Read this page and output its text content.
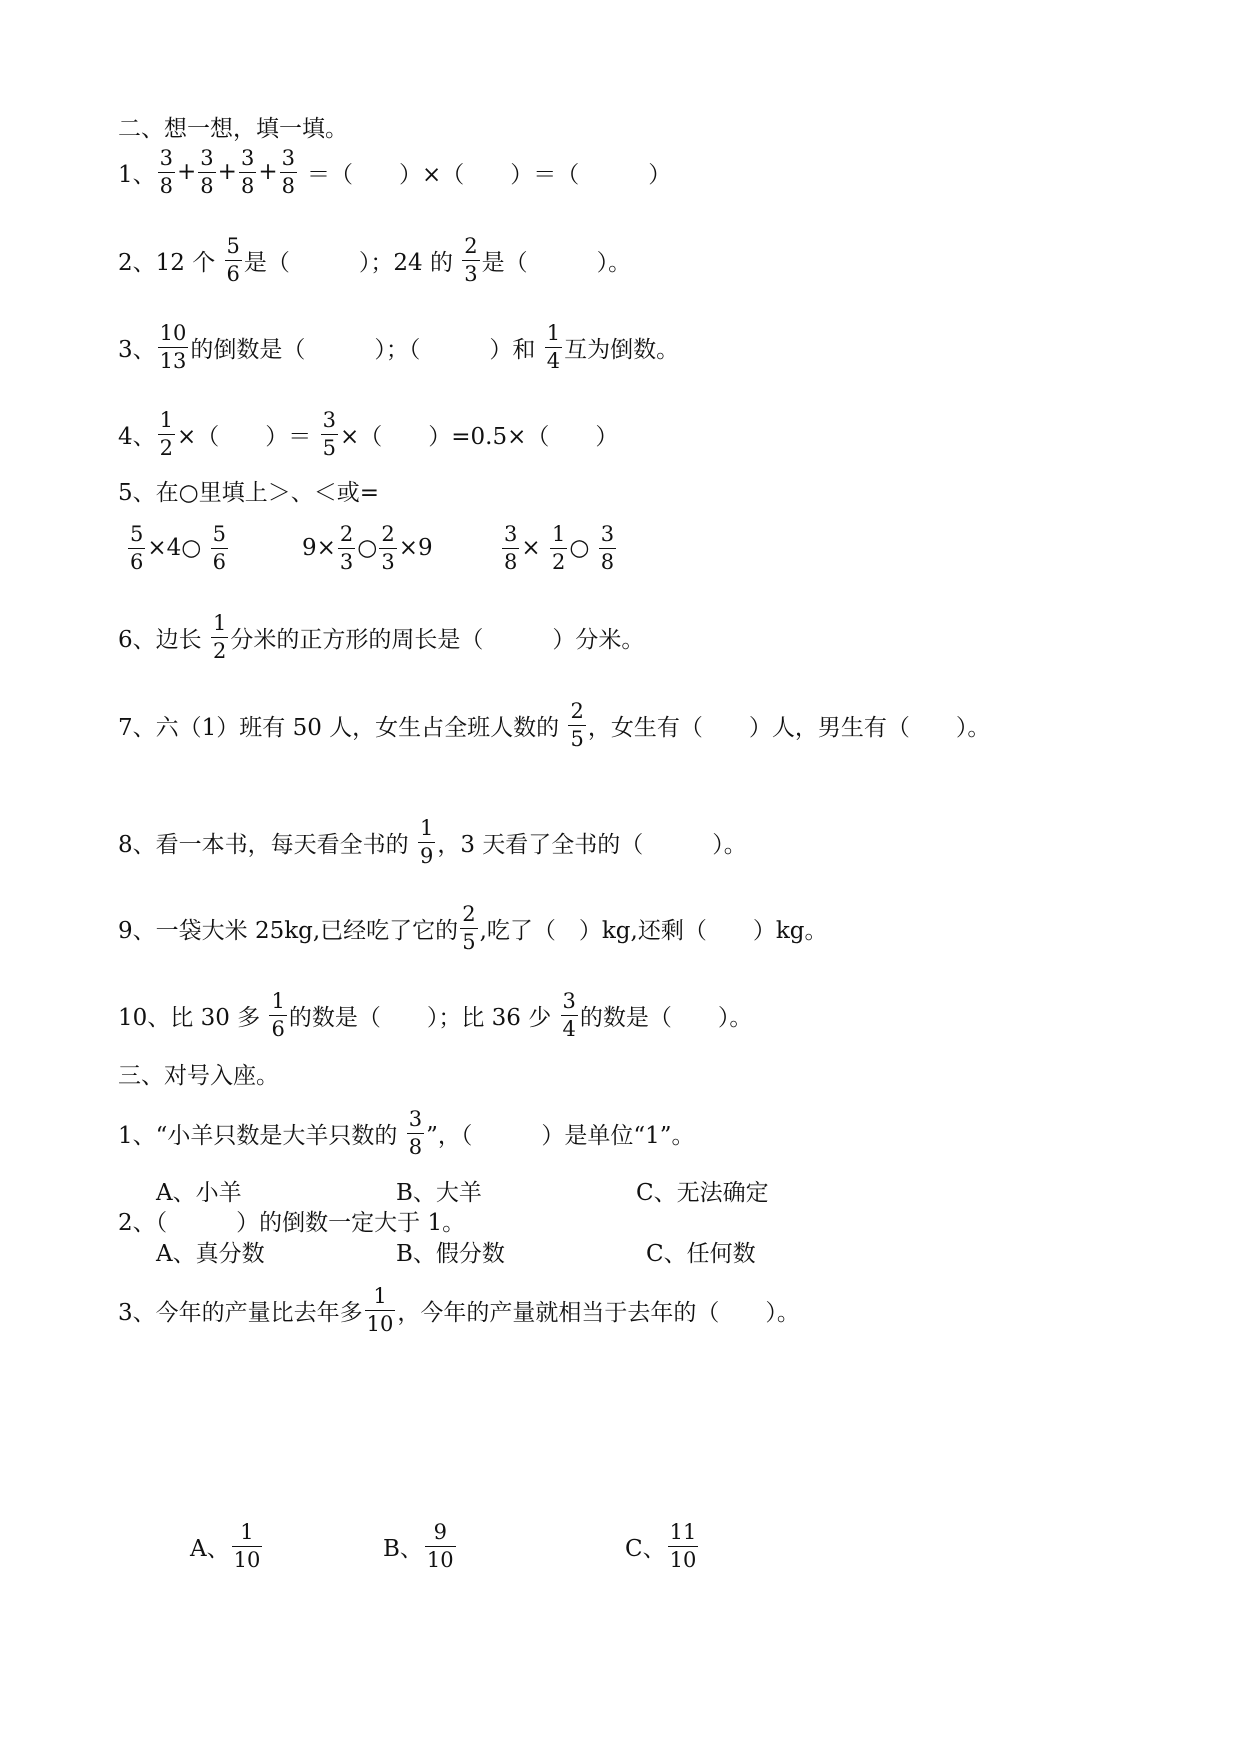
二、想一想，填一填。
1、 $\frac{3}{8} + \frac{3}{8} + \frac{3}{8} + \frac{3}{8}$ ＝（　　）×（　　）＝（　　　）
2、12 个 $\frac{5}{6}$ 是（　　　）；24 的 $\frac{2}{3}$ 是（　　　）。
3、 $\frac{10}{13}$ 的倒数是（　　　）；（　　　）和 $\frac{1}{4}$ 互为倒数。
4、 $\frac{1}{2}$ ×（　　）＝ $\frac{3}{5}$ ×（　　）=0.5×（　　）
5、在○里填上＞、＜或=
$\frac{5}{6}$ ×4○ $\frac{5}{6}$	$9\times \frac{2}{3}$ ○ $\frac{2}{3} \times 9$	$\frac{3}{8} \times \frac{1}{2}$ ○ $\frac{3}{8}$
6、边长 $\frac{1}{2}$ 分米的正方形的周长是（　　　）分米。
7、六（1）班有 50 人，女生占全班人数的 $\frac{2}{5}$ ，女生有（　　）人，男生有（　　）。
8、看一本书，每天看全书的 $\frac{1}{9}$ ，3 天看了全书的（　　　）。
9、一袋大米 25kg,已经吃了它的 $\frac{2}{5}$ ,吃了（　）kg,还剩（　　）kg。
10、比 30 多 $\frac{1}{6}$ 的数是（　　）；比 36 少 $\frac{3}{4}$ 的数是（　　）。
三、对号入座。
1、“小羊只数是大羊只数的 $\frac{3}{8}$ ”，（　　　）是单位“1”。
A、小羊	B、大羊	C、无法确定
2、（　　　）的倒数一定大于 1。
A、真分数	B、假分数	C、任何数
3、今年的产量比去年多 $\frac{1}{10}$ ，今年的产量就相当于去年的（　　）。
A、 $\frac{1}{10}$	B、 $\frac{9}{10}$	C、 $\frac{11}{10}$
